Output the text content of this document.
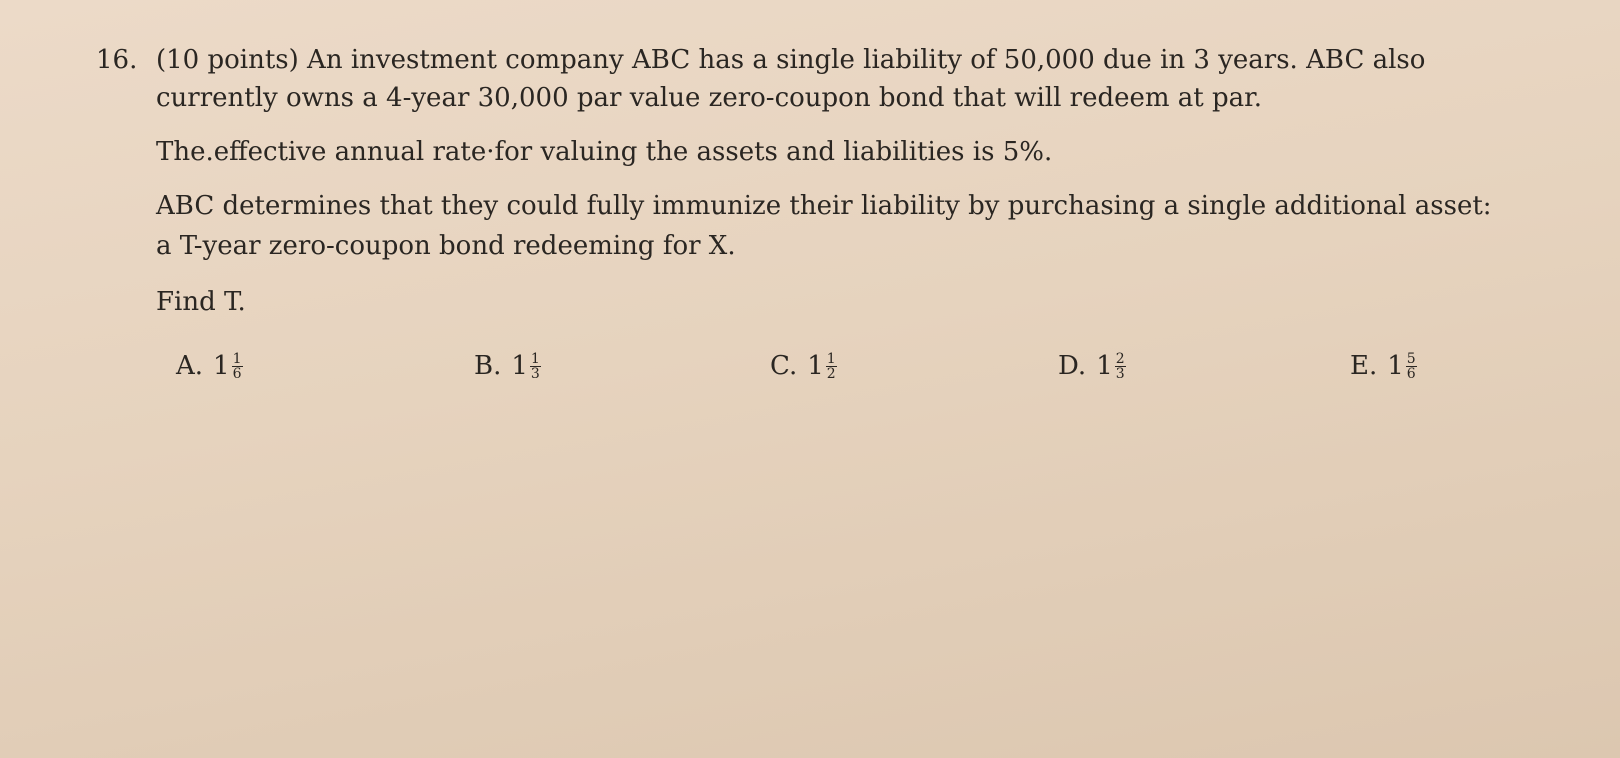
16. (10 points) An investment company ABC has a single liability of 50,000 due in 3 years. ABC also
currently owns a 4-year 30,000 par value zero-coupon bond that will redeem at par.
The.effective annual rate·for valuing the assets and liabilities is 5%.
ABC determines that they could fully immunize their liability by purchasing a single additional asset:
a T-year zero-coupon bond redeeming for X.
Find T.
A. $1 \frac{1}{6}$	B. $1 \frac{1}{3}$	C. $1 \frac{1}{2}$	D. $1 \frac{2}{3}$	E. $1 \frac{5}{6}$
